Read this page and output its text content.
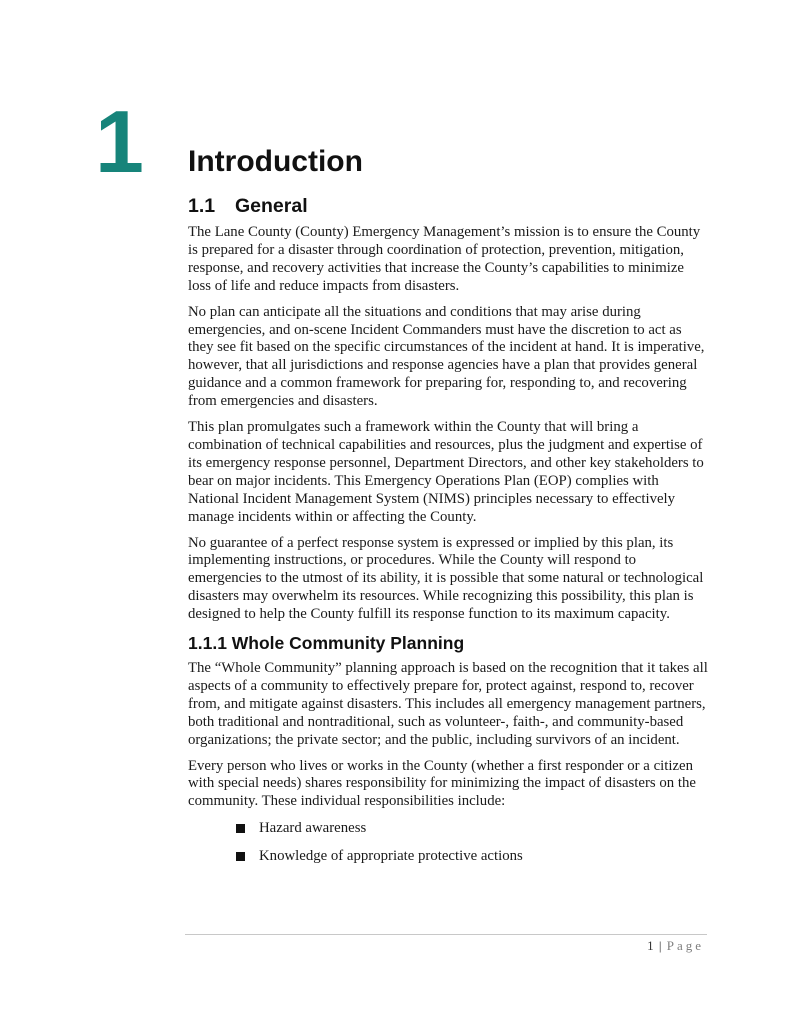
1 Introduction
1.1 General

The Lane County (County) Emergency Management’s mission is to ensure the County is prepared for a disaster through coordination of protection, prevention, mitigation, response, and recovery activities that increase the County’s capabilities to minimize loss of life and reduce impacts from disasters.

No plan can anticipate all the situations and conditions that may arise during emergencies, and on-scene Incident Commanders must have the discretion to act as they see fit based on the specific circumstances of the incident at hand. It is imperative, however, that all jurisdictions and response agencies have a plan that provides general guidance and a common framework for preparing for, responding to, and recovering from emergencies and disasters.

This plan promulgates such a framework within the County that will bring a combination of technical capabilities and resources, plus the judgment and expertise of its emergency response personnel, Department Directors, and other key stakeholders to bear on major incidents. This Emergency Operations Plan (EOP) complies with National Incident Management System (NIMS) principles necessary to effectively manage incidents within or affecting the County.

No guarantee of a perfect response system is expressed or implied by this plan, its implementing instructions, or procedures. While the County will respond to emergencies to the utmost of its ability, it is possible that some natural or technological disasters may overwhelm its resources. While recognizing this possibility, this plan is designed to help the County fulfill its response function to its maximum capacity.

1.1.1 Whole Community Planning

The “Whole Community” planning approach is based on the recognition that it takes all aspects of a community to effectively prepare for, protect against, respond to, recover from, and mitigate against disasters. This includes all emergency management partners, both traditional and nontraditional, such as volunteer-, faith-, and community-based organizations; the private sector; and the public, including survivors of an incident.

Every person who lives or works in the County (whether a first responder or a citizen with special needs) shares responsibility for minimizing the impact of disasters on the community. These individual responsibilities include:

Hazard awareness
Knowledge of appropriate protective actions
1 | Page
